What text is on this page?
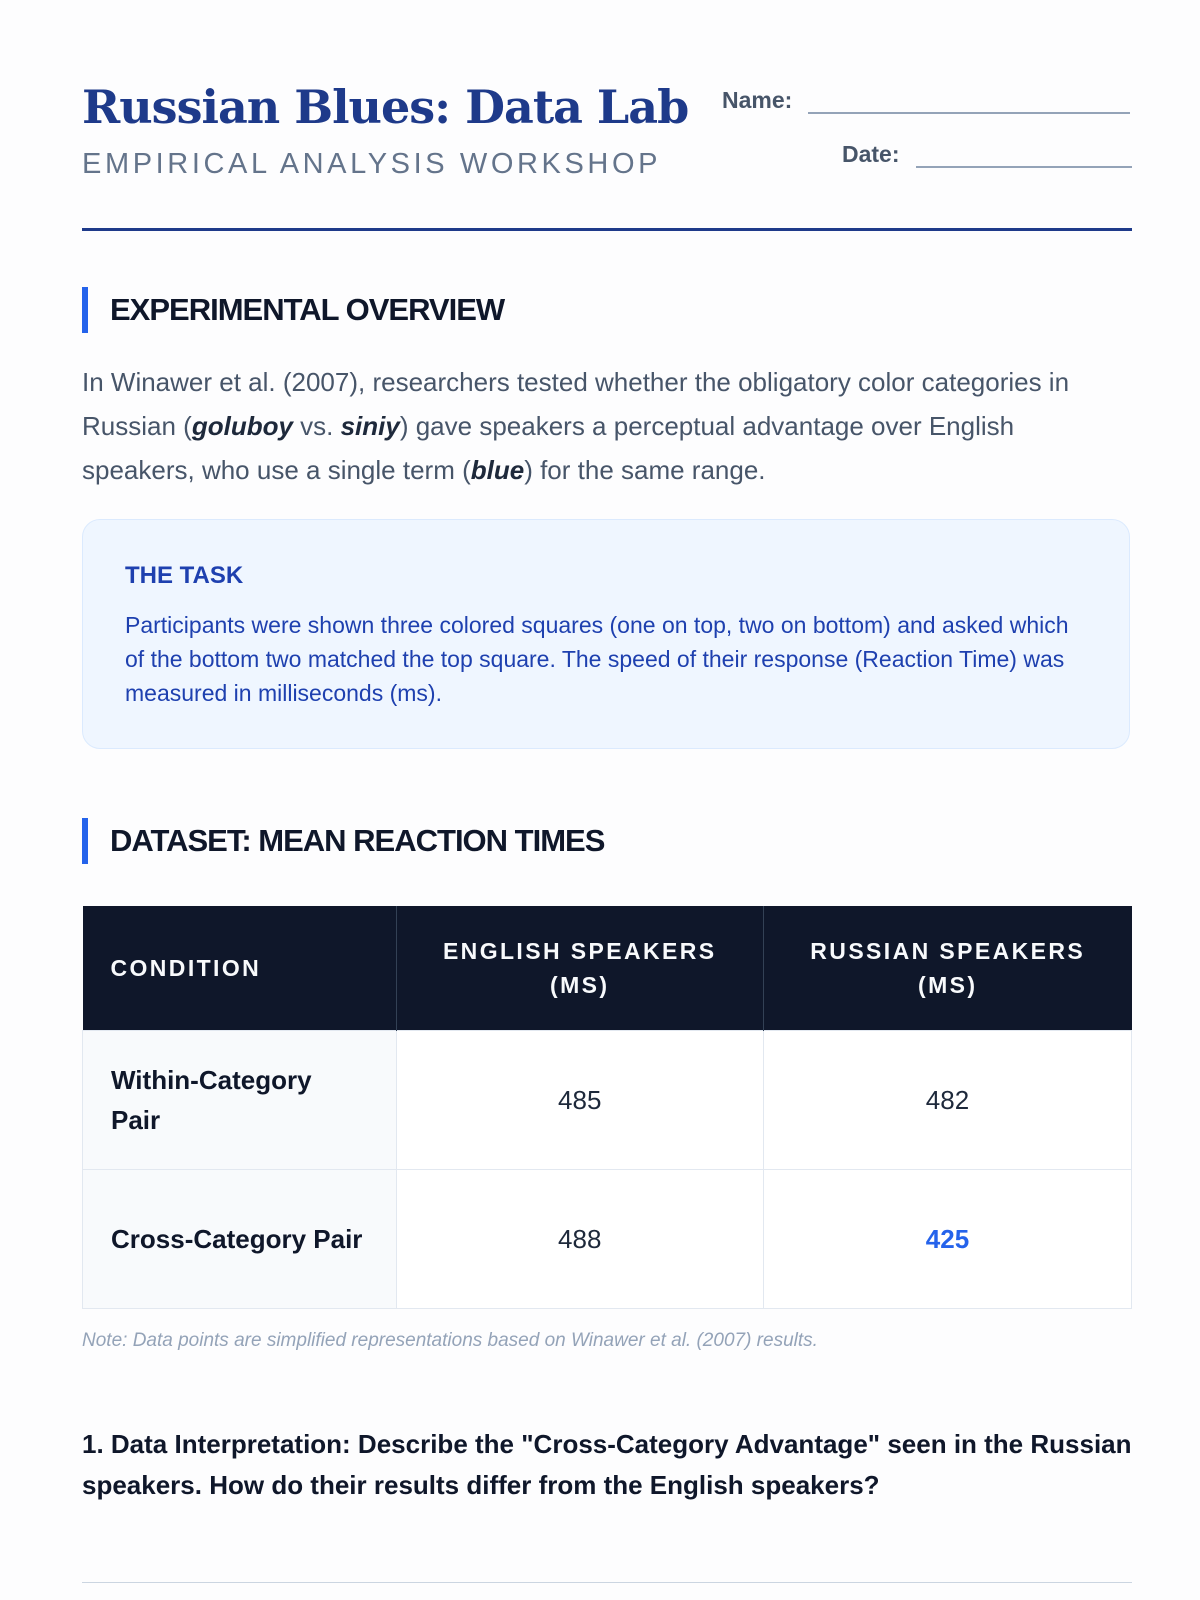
Russian Blues: Data Lab
EMPIRICAL ANALYSIS WORKSHOP
Name:
Date:
EXPERIMENTAL OVERVIEW

In Winawer et al. (2007), researchers tested whether the obligatory color categories in Russian (goluboy vs. siniy) gave speakers a perceptual advantage over English speakers, who use a single term (blue) for the same range.

THE TASK

Participants were shown three colored squares (one on top, two on bottom) and asked which of the bottom two matched the top square. The speed of their response (Reaction Time) was measured in milliseconds (ms).

DATASET: MEAN REACTION TIMES
CONDITION	ENGLISH SPEAKERS (MS)	RUSSIAN SPEAKERS (MS)
Within-Category Pair	485	482
Cross-Category Pair	488	425
Note: Data points are simplified representations based on Winawer et al. (2007) results.

1. Data Interpretation: Describe the "Cross-Category Advantage" seen in the Russian speakers. How do their results differ from the English speakers?
